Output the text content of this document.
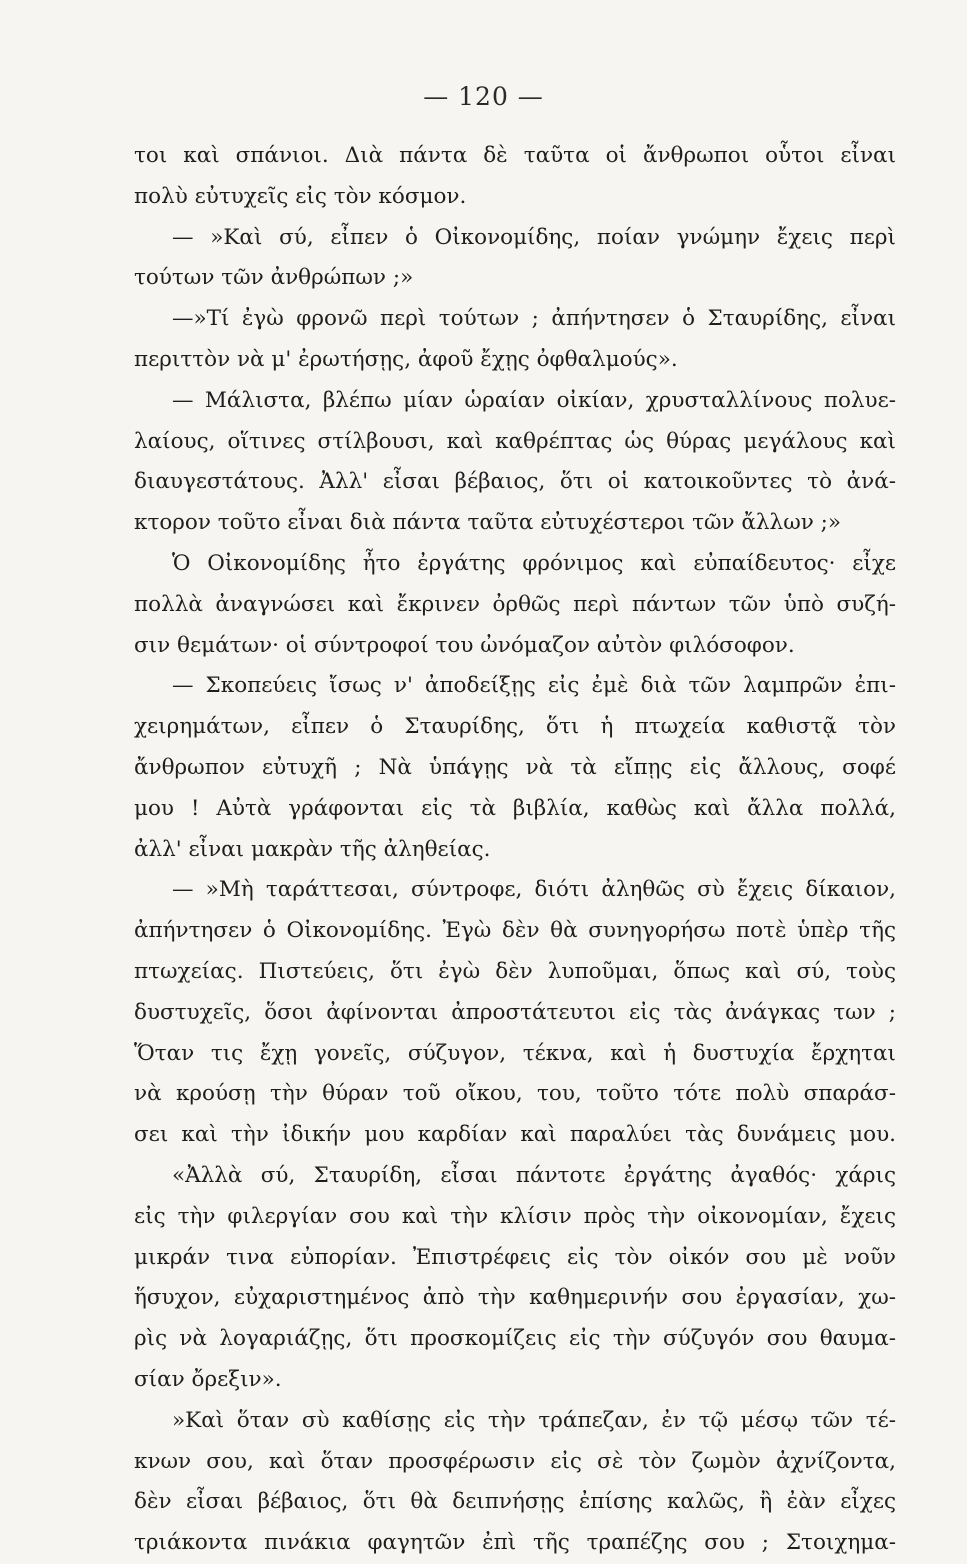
— 120 —
τοι καὶ σπάνιοι. Διὰ πάντα δὲ ταῦτα οἱ ἄνθρωποι οὗτοι εἶναι
πολὺ εὐτυχεῖς εἰς τὸν κόσμον.
— »Καὶ σύ, εἶπεν ὁ Οἰκονομίδης, ποίαν γνώμην ἔχεις περὶ
τούτων τῶν ἀνθρώπων ;»
—»Τί ἐγὼ φρονῶ περὶ τούτων ; ἀπήντησεν ὁ Σταυρίδης, εἶναι
περιττὸν νὰ μ' ἐρωτήσῃς, ἀφοῦ ἔχῃς ὀφθαλμούς».
— Μάλιστα, βλέπω μίαν ὡραίαν οἰκίαν, χρυσταλλίνους πολυε-
λαίους, οἵτινες στίλβουσι, καὶ καθρέπτας ὡς θύρας μεγάλους καὶ
διαυγεστάτους. Ἀλλ' εἶσαι βέβαιος, ὅτι οἱ κατοικοῦντες τὸ ἀνά-
κτορον τοῦτο εἶναι διὰ πάντα ταῦτα εὐτυχέστεροι τῶν ἄλλων ;»
Ὁ Οἰκονομίδης ἦτο ἐργάτης φρόνιμος καὶ εὐπαίδευτος· εἶχε
πολλὰ ἀναγνώσει καὶ ἔκρινεν ὀρθῶς περὶ πάντων τῶν ὑπὸ συζή-
σιν θεμάτων· οἱ σύντροφοί του ὠνόμαζον αὐτὸν φιλόσοφον.
— Σκοπεύεις ἴσως ν' ἀποδείξῃς εἰς ἐμὲ διὰ τῶν λαμπρῶν ἐπι-
χειρημάτων, εἶπεν ὁ Σταυρίδης, ὅτι ἡ πτωχεία καθιστᾷ τὸν
ἄνθρωπον εὐτυχῆ ; Νὰ ὑπάγῃς νὰ τὰ εἴπῃς εἰς ἄλλους, σοφέ
μου ! Αὐτὰ γράφονται εἰς τὰ βιβλία, καθὼς καὶ ἄλλα πολλά,
ἀλλ' εἶναι μακρὰν τῆς ἀληθείας.
— »Μὴ ταράττεσαι, σύντροφε, διότι ἀληθῶς σὺ ἔχεις δίκαιον,
ἀπήντησεν ὁ Οἰκονομίδης. Ἐγὼ δὲν θὰ συνηγορήσω ποτὲ ὑπὲρ τῆς
πτωχείας. Πιστεύεις, ὅτι ἐγὼ δὲν λυποῦμαι, ὅπως καὶ σύ, τοὺς
δυστυχεῖς, ὅσοι ἀφίνονται ἀπροστάτευτοι εἰς τὰς ἀνάγκας των ;
Ὅταν τις ἔχῃ γονεῖς, σύζυγον, τέκνα, καὶ ἡ δυστυχία ἔρχηται
νὰ κρούσῃ τὴν θύραν τοῦ οἴκου, του, τοῦτο τότε πολὺ σπαράσ-
σει καὶ τὴν ἰδικήν μου καρδίαν καὶ παραλύει τὰς δυνάμεις μου.
«Ἀλλὰ σύ, Σταυρίδη, εἶσαι πάντοτε ἐργάτης ἀγαθός· χάρις
εἰς τὴν φιλεργίαν σου καὶ τὴν κλίσιν πρὸς τὴν οἰκονομίαν, ἔχεις
μικράν τινα εὐπορίαν. Ἐπιστρέφεις εἰς τὸν οἰκόν σου μὲ νοῦν
ἥσυχον, εὐχαριστημένος ἀπὸ τὴν καθημερινήν σου ἐργασίαν, χω-
ρὶς νὰ λογαριάζῃς, ὅτι προσκομίζεις εἰς τὴν σύζυγόν σου θαυμα-
σίαν ὄρεξιν».
»Καὶ ὅταν σὺ καθίσῃς εἰς τὴν τράπεζαν, ἐν τῷ μέσῳ τῶν τέ-
κνων σου, καὶ ὅταν προσφέρωσιν εἰς σὲ τὸν ζωμὸν ἀχνίζοντα,
δὲν εἶσαι βέβαιος, ὅτι θὰ δειπνήσῃς ἐπίσης καλῶς, ἢ ἐὰν εἶχες
τριάκοντα πινάκια φαγητῶν ἐπὶ τῆς τραπέζης σου ; Στοιχημα-
